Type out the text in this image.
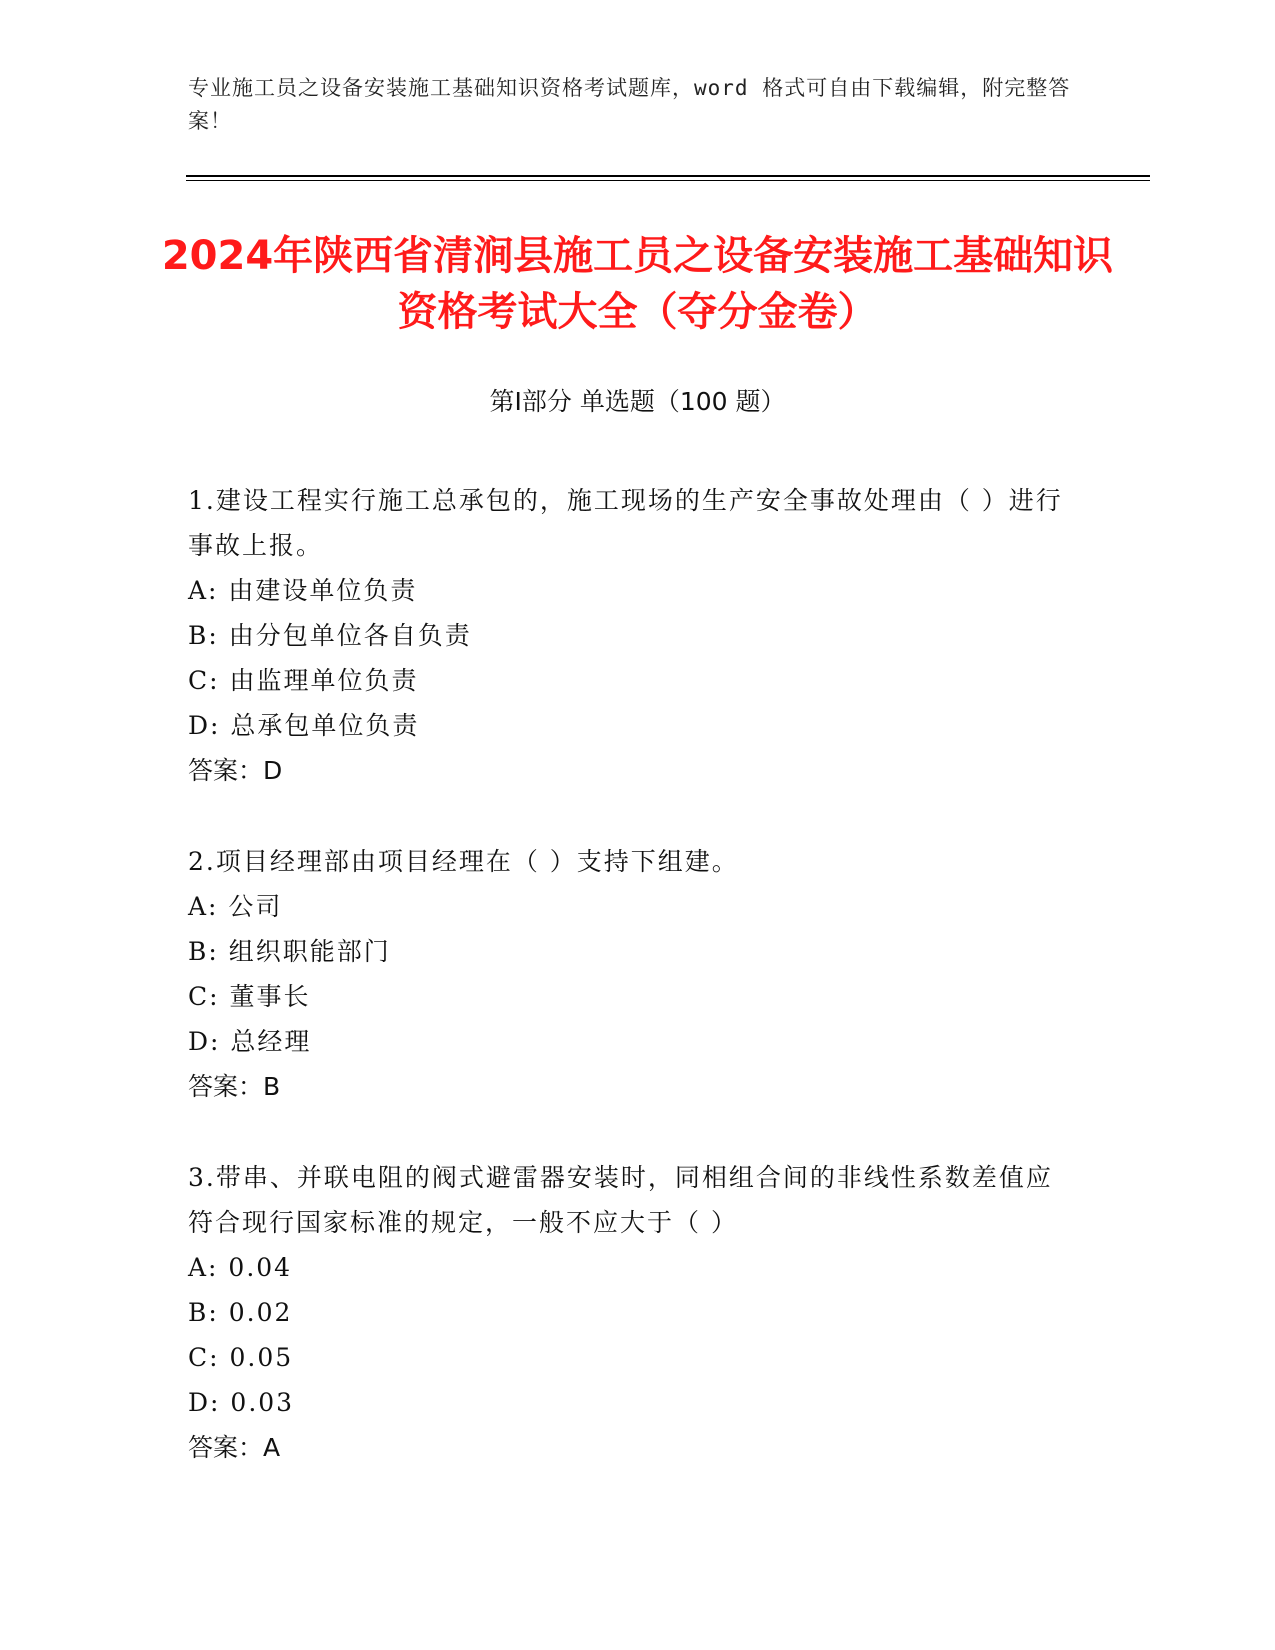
专业施工员之设备安装施工基础知识资格考试题库，word 格式可自由下载编辑，附完整答案！
2024年陕西省清涧县施工员之设备安装施工基础知识资格考试大全（夺分金卷）
第Ⅰ部分 单选题（100 题）
1.建设工程实行施工总承包的，施工现场的生产安全事故处理由（ ）进行事故上报。
A: 由建设单位负责
B: 由分包单位各自负责
C: 由监理单位负责
D: 总承包单位负责
答案：D
2.项目经理部由项目经理在（ ）支持下组建。
A: 公司
B: 组织职能部门
C: 董事长
D: 总经理
答案：B
3.带串、并联电阻的阀式避雷器安装时，同相组合间的非线性系数差值应符合现行国家标准的规定，一般不应大于（ ）
A: 0.04
B: 0.02
C: 0.05
D: 0.03
答案：A
